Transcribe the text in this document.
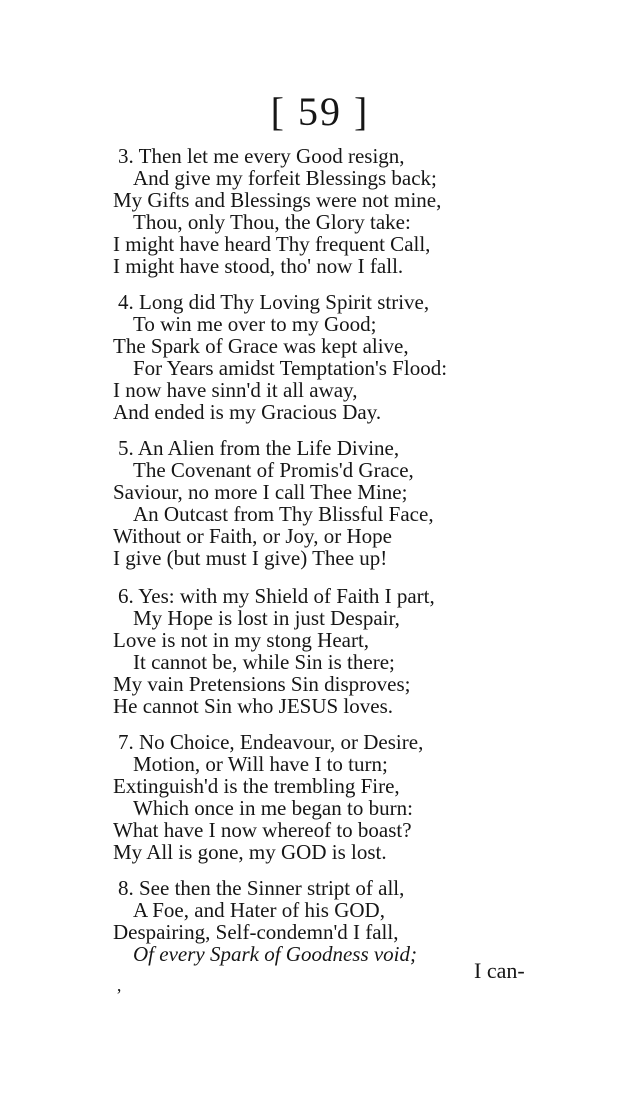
[ 59 ]
3. Then let me every Good resign,
And give my forfeit Blessings back;
My Gifts and Blessings were not mine,
Thou, only Thou, the Glory take:
I might have heard Thy frequent Call,
I might have stood, tho' now I fall.
4. Long did Thy Loving Spirit strive,
To win me over to my Good;
The Spark of Grace was kept alive,
For Years amidst Temptation's Flood:
I now have sinn'd it all away,
And ended is my Gracious Day.
5. An Alien from the Life Divine,
The Covenant of Promis'd Grace,
Saviour, no more I call Thee Mine;
An Outcast from Thy Blissful Face,
Without or Faith, or Joy, or Hope
I give (but must I give) Thee up!
6. Yes: with my Shield of Faith I part,
My Hope is lost in just Despair,
Love is not in my stong Heart,
It cannot be, while Sin is there;
My vain Pretensions Sin disproves;
He cannot Sin who JESUS loves.
7. No Choice, Endeavour, or Desire,
Motion, or Will have I to turn;
Extinguish'd is the trembling Fire,
Which once in me began to burn:
What have I now whereof to boast?
My All is gone, my GOD is lost.
8. See then the Sinner stript of all,
A Foe, and Hater of his GOD,
Despairing, Self-condemn'd I fall,
Of every Spark of Goodness void;
I can-
ʼ
